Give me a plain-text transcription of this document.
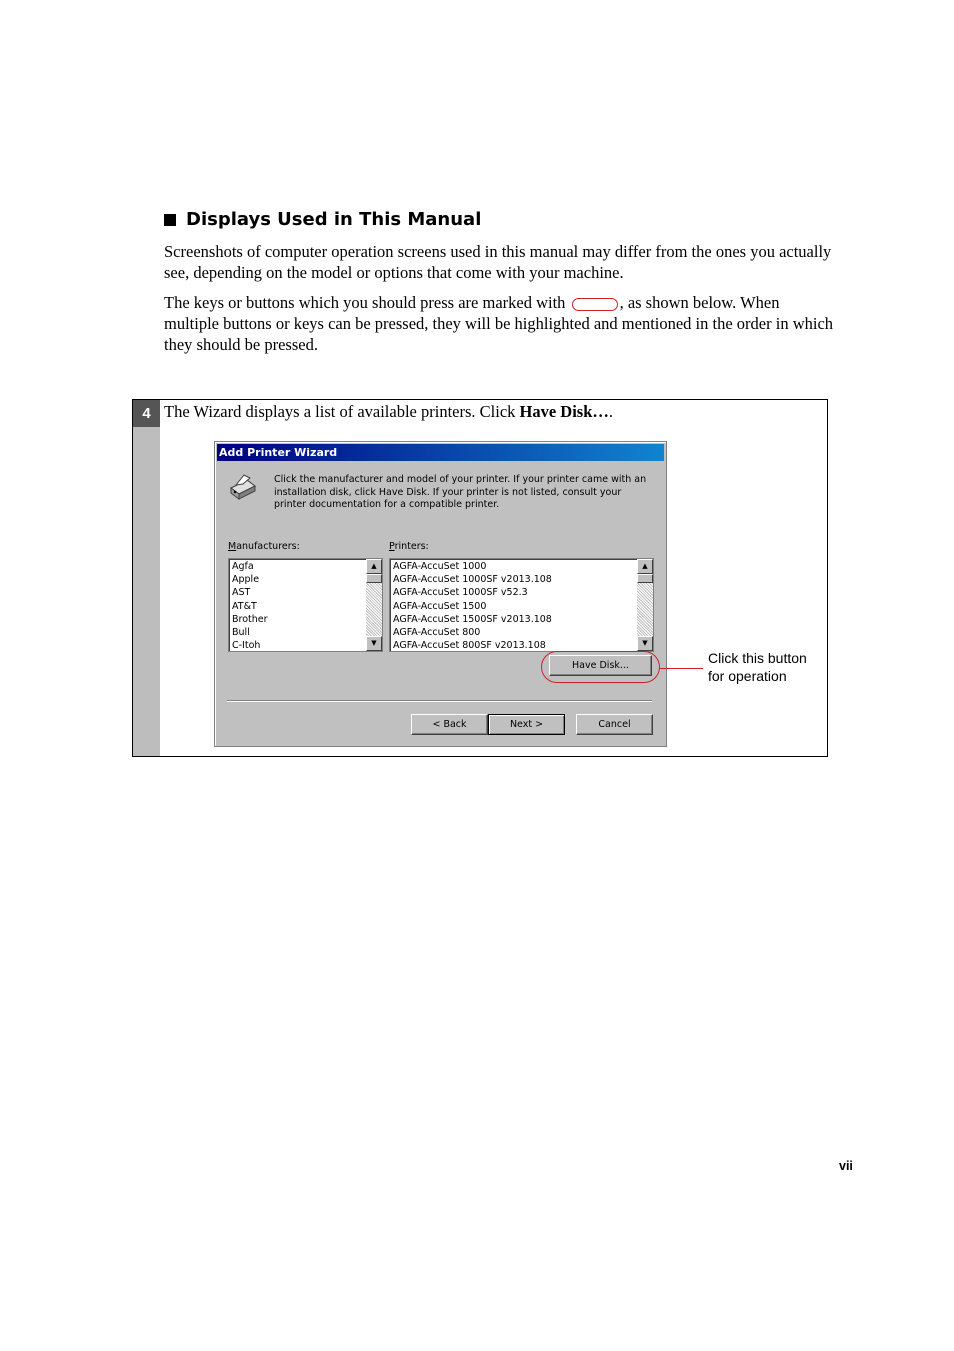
Displays Used in This Manual
Screenshots of computer operation screens used in this manual may differ from the ones you actually see, depending on the model or options that come with your machine.
The keys or buttons which you should press are marked with	, as shown below. When multiple buttons or keys can be pressed, they will be highlighted and mentioned in the order in which they should be pressed.
4 The Wizard displays a list of available printers. Click Have Disk….
Add Printer Wizard
Click the manufacturer and model of your printer. If your printer came with an installation disk, click Have Disk. If your printer is not listed, consult your printer documentation for a compatible printer.
Manufacturers:	Printers:
Agfa
Apple
AST
AT&T
Brother
Bull
C-Itoh
▲
▼
AGFA-AccuSet 1000
AGFA-AccuSet 1000SF v2013.108
AGFA-AccuSet 1000SF v52.3
AGFA-AccuSet 1500
AGFA-AccuSet 1500SF v2013.108
AGFA-AccuSet 800
AGFA-AccuSet 800SF v2013.108
▲
▼
Have Disk...
< Back	Next >	Cancel
Click this button
for operation
vii
